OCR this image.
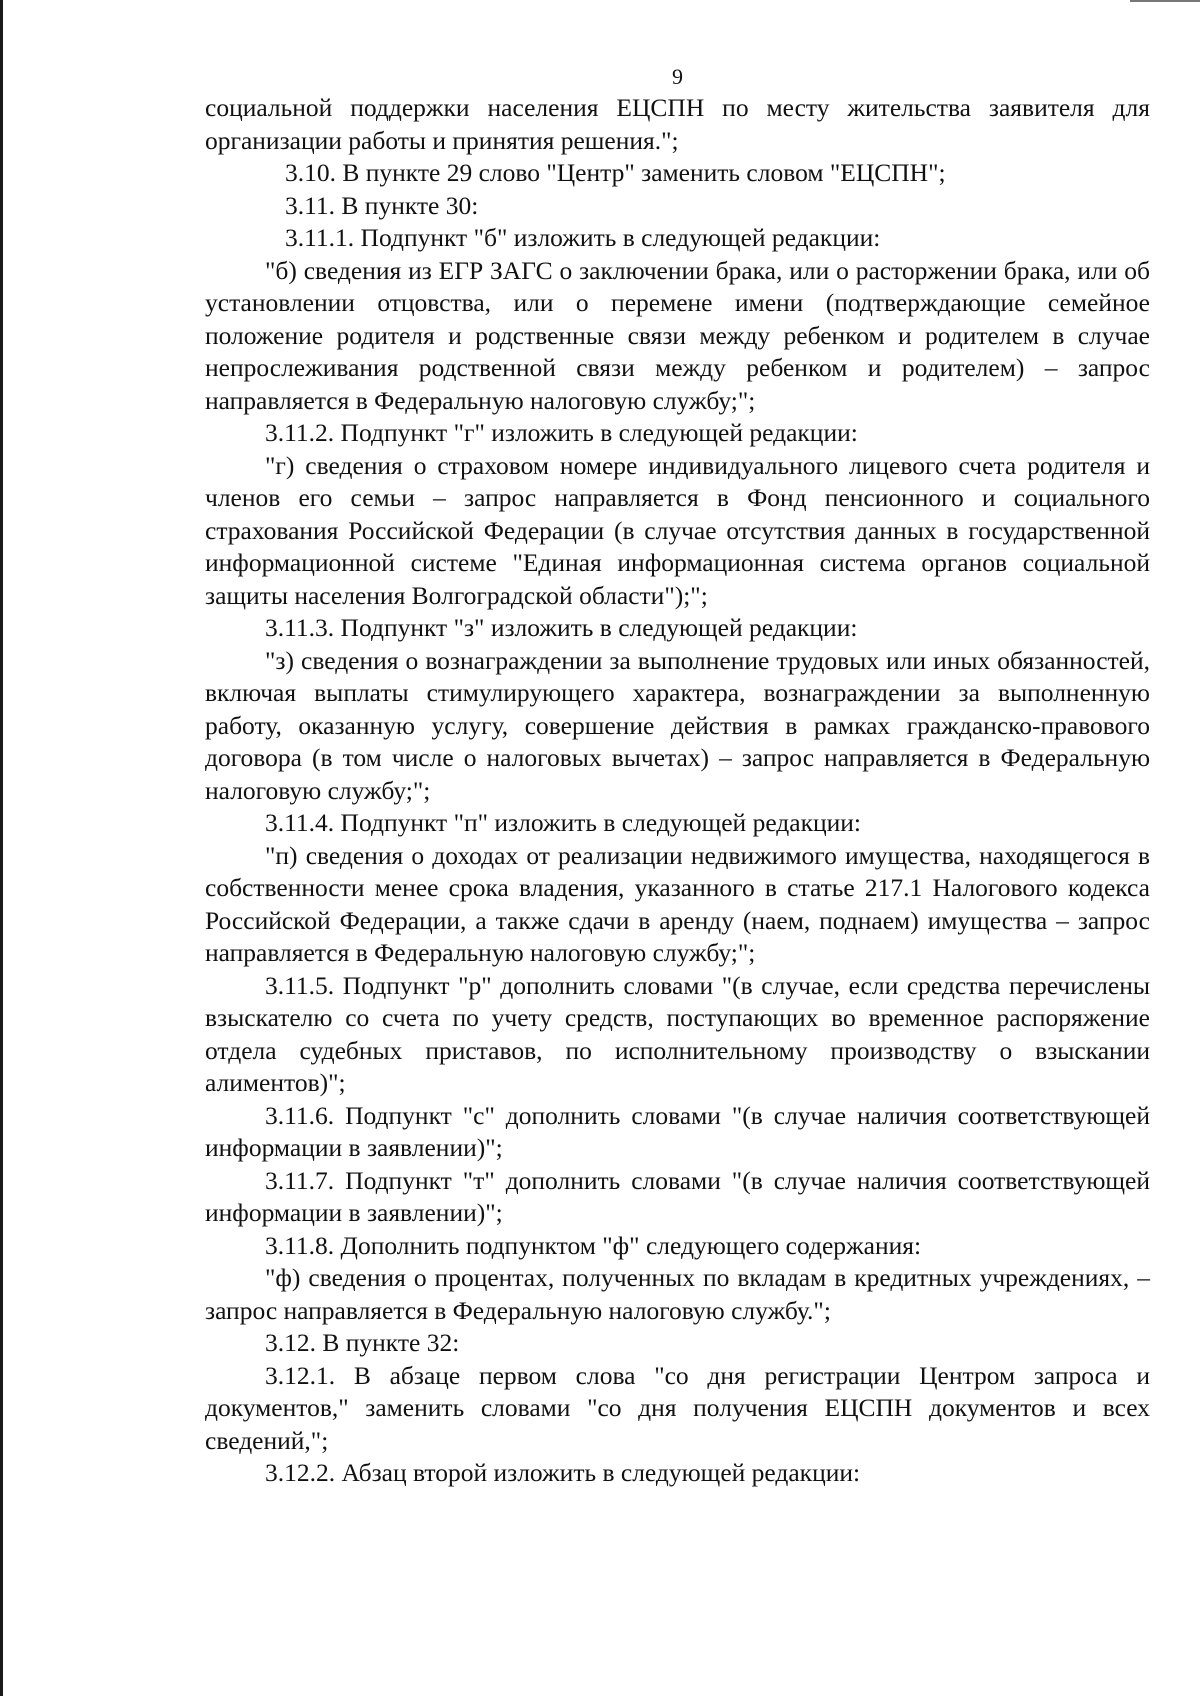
9

социальной поддержки населения ЕЦСПН по месту жительства заявителя для организации работы и принятия решения.";

3.10. В пункте 29 слово "Центр" заменить словом "ЕЦСПН";

3.11. В пункте 30:

3.11.1. Подпункт "б" изложить в следующей редакции:

"б) сведения из ЕГР ЗАГС о заключении брака, или о расторжении брака, или об установлении отцовства, или о перемене имени (подтверждающие семейное положение родителя и родственные связи между ребенком и родителем в случае непрослеживания родственной связи между ребенком и родителем) – запрос направляется в Федеральную налоговую службу;";

3.11.2. Подпункт "г" изложить в следующей редакции:

"г) сведения о страховом номере индивидуального лицевого счета родителя и членов его семьи – запрос направляется в Фонд пенсионного и социального страхования Российской Федерации (в случае отсутствия данных в государственной информационной системе "Единая информационная система органов социальной защиты населения Волгоградской области");";

3.11.3. Подпункт "з" изложить в следующей редакции:

"з) сведения о вознаграждении за выполнение трудовых или иных обязанностей, включая выплаты стимулирующего характера, вознаграждении за выполненную работу, оказанную услугу, совершение действия в рамках гражданско-правового договора (в том числе о налоговых вычетах) – запрос направляется в Федеральную налоговую службу;";

3.11.4. Подпункт "п" изложить в следующей редакции:

"п) сведения о доходах от реализации недвижимого имущества, находящегося в собственности менее срока владения, указанного в статье 217.1 Налогового кодекса Российской Федерации, а также сдачи в аренду (наем, поднаем) имущества – запрос направляется в Федеральную налоговую службу;";

3.11.5. Подпункт "р" дополнить словами "(в случае, если средства перечислены взыскателю со счета по учету средств, поступающих во временное распоряжение отдела судебных приставов, по исполнительному производству о взыскании алиментов)";

3.11.6. Подпункт "с" дополнить словами "(в случае наличия соответствующей информации в заявлении)";

3.11.7. Подпункт "т" дополнить словами "(в случае наличия соответствующей информации в заявлении)";

3.11.8. Дополнить подпунктом "ф" следующего содержания:

"ф) сведения о процентах, полученных по вкладам в кредитных учреждениях, – запрос направляется в Федеральную налоговую службу.";

3.12. В пункте 32:

3.12.1. В абзаце первом слова "со дня регистрации Центром запроса и документов," заменить словами "со дня получения ЕЦСПН документов и всех сведений,";

3.12.2. Абзац второй изложить в следующей редакции:
